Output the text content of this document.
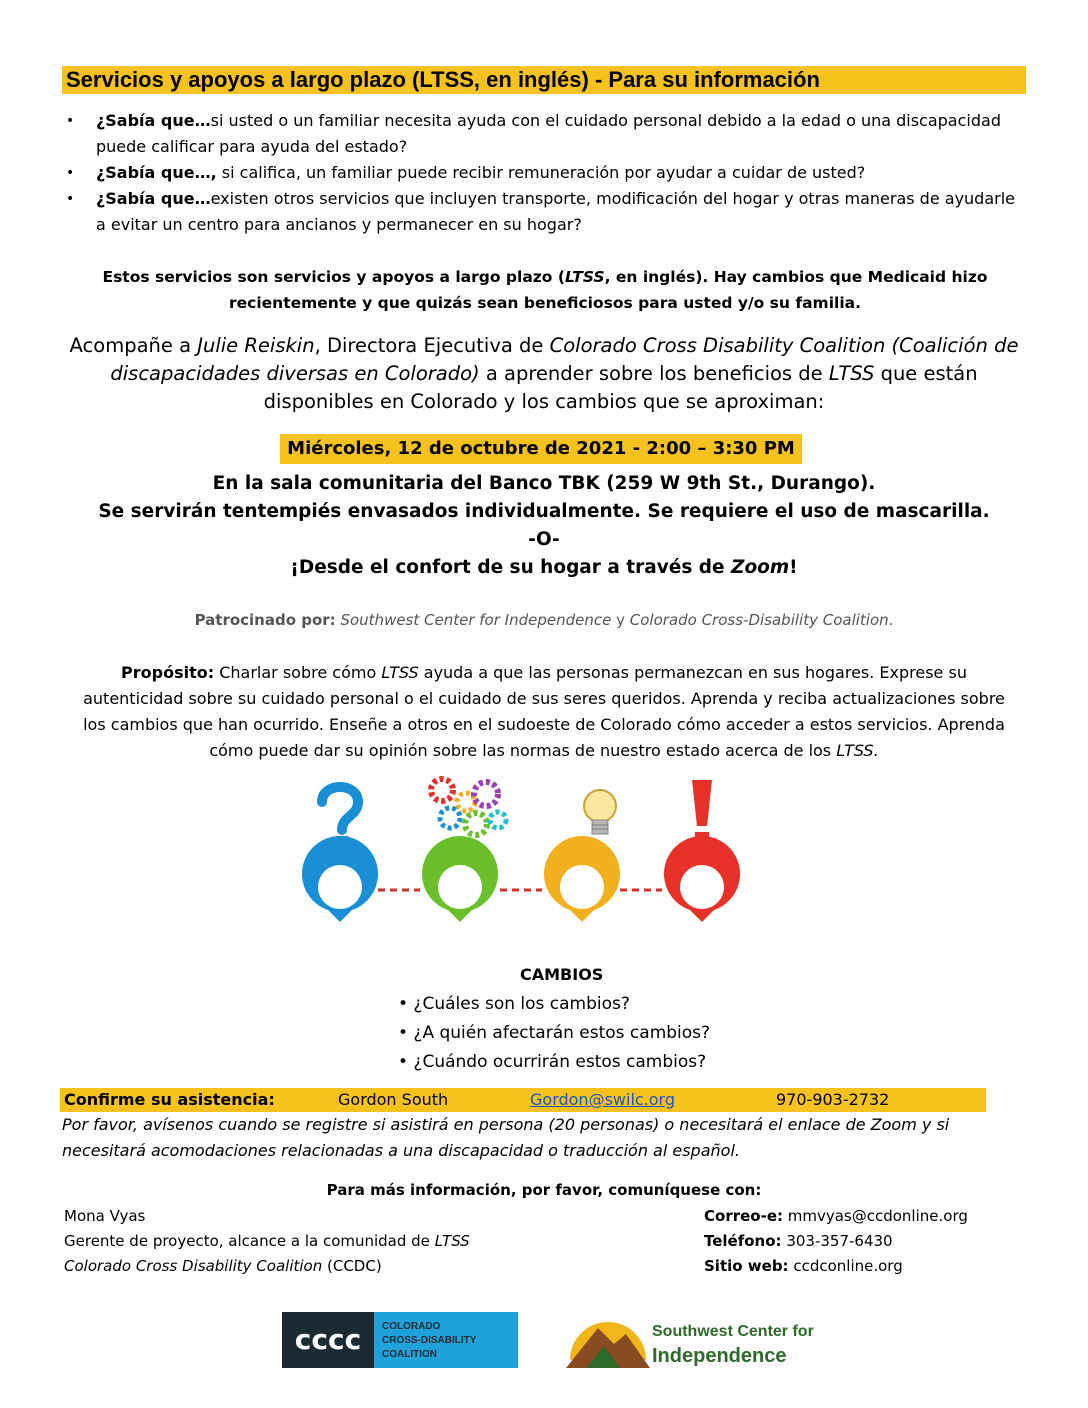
Servicios y apoyos a largo plazo (LTSS, en inglés) - Para su información

• ¿Sabía que…si usted o un familiar necesita ayuda con el cuidado personal debido a la edad o una discapacidad puede calificar para ayuda del estado?

• ¿Sabía que…, si califica, un familiar puede recibir remuneración por ayudar a cuidar de usted?

• ¿Sabía que…existen otros servicios que incluyen transporte, modificación del hogar y otras maneras de ayudarle a evitar un centro para ancianos y permanecer en su hogar?

Estos servicios son servicios y apoyos a largo plazo (LTSS, en inglés). Hay cambios que Medicaid hizo recientemente y que quizás sean beneficiosos para usted y/o su familia.
Acompañe a Julie Reiskin, Directora Ejecutiva de Colorado Cross Disability Coalition (Coalición de discapacidades diversas en Colorado) a aprender sobre los beneficios de LTSS que están disponibles en Colorado y los cambios que se aproximan:
Miércoles, 12 de octubre de 2021 - 2:00 – 3:30 PM
En la sala comunitaria del Banco TBK (259 W 9th St., Durango).
Se servirán tentempiés envasados individualmente. Se requiere el uso de mascarilla.
-O-
¡Desde el confort de su hogar a través de Zoom!
Patrocinado por: Southwest Center for Independence y Colorado Cross-Disability Coalition.
Propósito: Charlar sobre cómo LTSS ayuda a que las personas permanezcan en sus hogares. Exprese su autenticidad sobre su cuidado personal o el cuidado de sus seres queridos. Aprenda y reciba actualizaciones sobre los cambios que han ocurrido. Enseñe a otros en el sudoeste de Colorado cómo acceder a estos servicios. Aprenda cómo puede dar su opinión sobre las normas de nuestro estado acerca de los LTSS.
CAMBIOS
• ¿Cuáles son los cambios?
• ¿A quién afectarán estos cambios?
• ¿Cuándo ocurrirán estos cambios?
Confirme su asistencia:	Gordon South	Gordon@swilc.org	970-903-2732
Por favor, avísenos cuando se registre si asistirá en persona (20 personas) o necesitará el enlace de Zoom y si necesitará acomodaciones relacionadas a una discapacidad o traducción al español.
Para más información, por favor, comuníquese con:
Mona Vyas
Gerente de proyecto, alcance a la comunidad de LTSS
Colorado Cross Disability Coalition (CCDC)
Correo-e: mmvyas@ccdonline.org
Teléfono: 303-357-6430
Sitio web: ccdconline.org
cccc COLORADO
CROSS-DISABILITY
COALITION
Southwest Center for
Independence
